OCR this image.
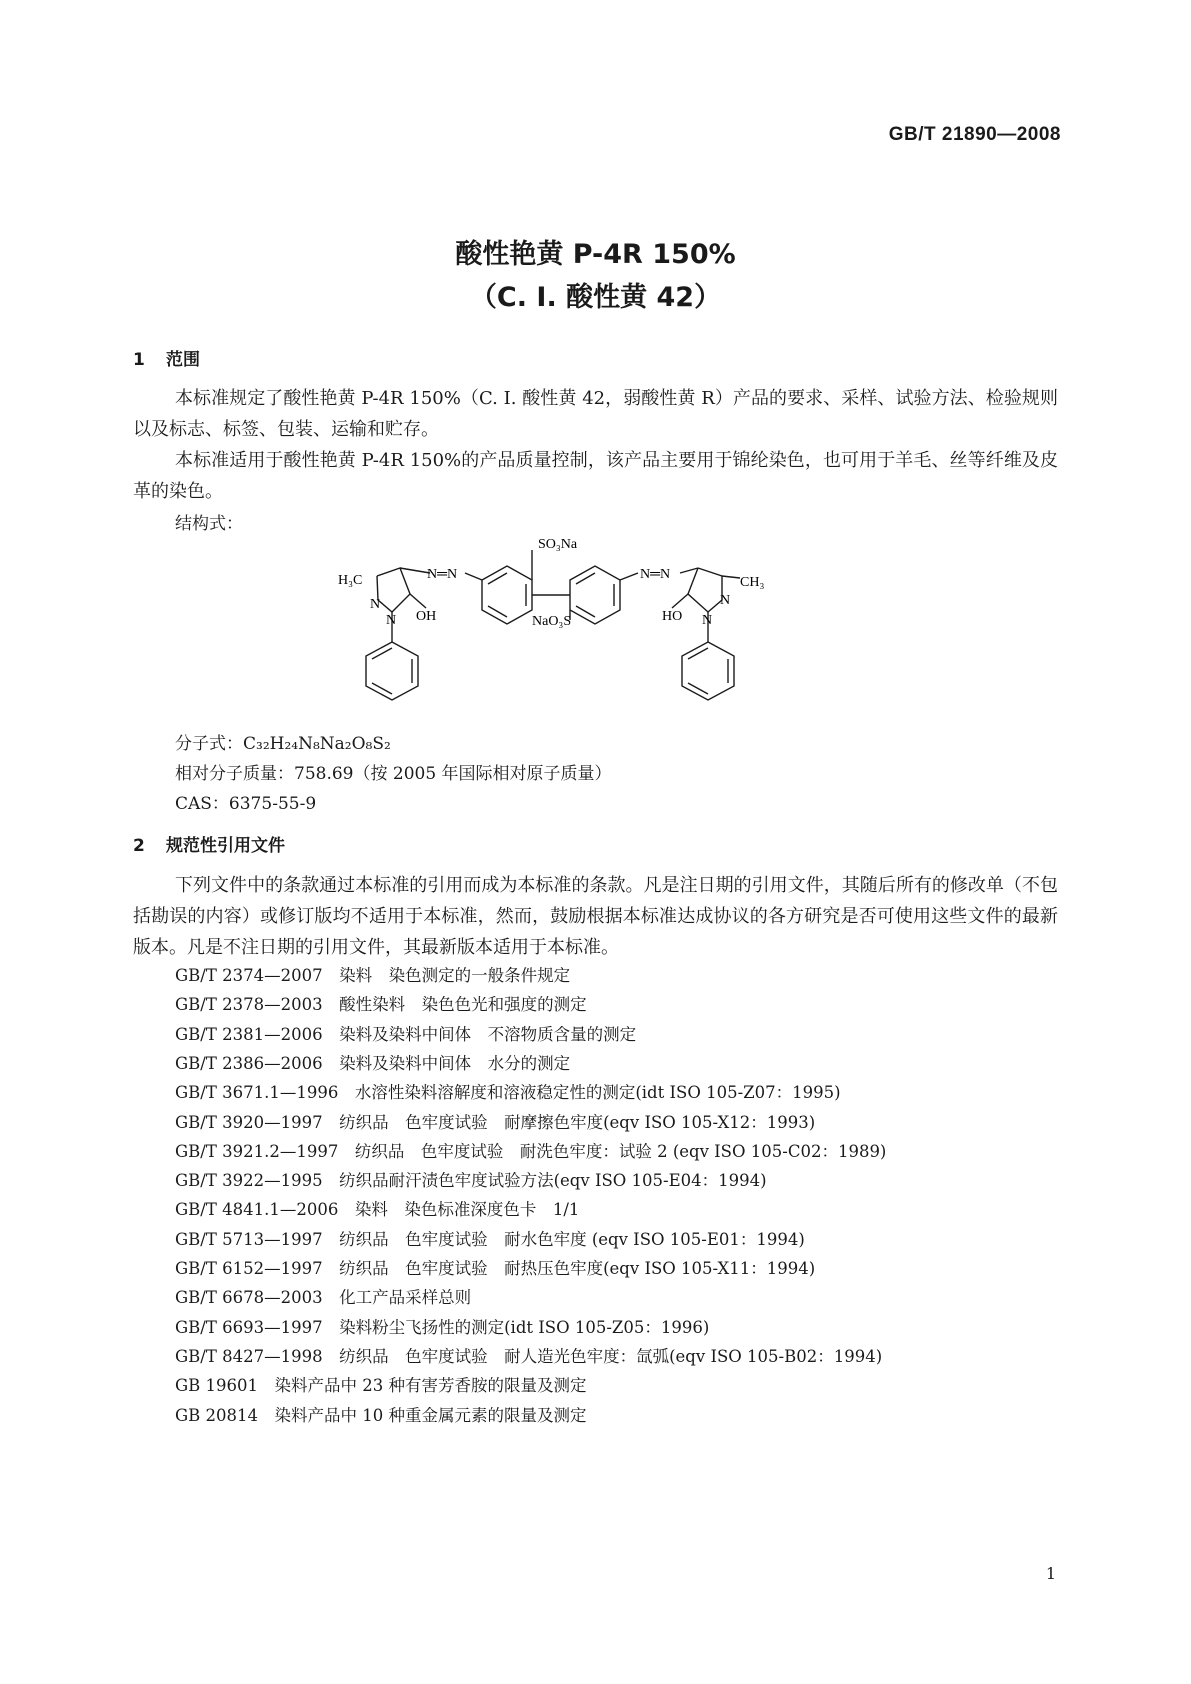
GB/T 21890—2008
酸性艳黄 P-4R 150%
（C. I. 酸性黄 42）
1 范围
本标准规定了酸性艳黄 P-4R 150%（C. I. 酸性黄 42，弱酸性黄 R）产品的要求、采样、试验方法、检验规则以及标志、标签、包装、运输和贮存。
本标准适用于酸性艳黄 P-4R 150%的产品质量控制，该产品主要用于锦纶染色，也可用于羊毛、丝等纤维及皮革的染色。
结构式：
H₃C
N
N OH
N═N
SO₃Na
NaO₃S
N═N
CH₃
N
N
HO
分子式：C₃₂H₂₄N₈Na₂O₈S₂
相对分子质量：758.69（按 2005 年国际相对原子质量）
CAS：6375-55-9
2 规范性引用文件
下列文件中的条款通过本标准的引用而成为本标准的条款。凡是注日期的引用文件，其随后所有的修改单（不包括勘误的内容）或修订版均不适用于本标准，然而，鼓励根据本标准达成协议的各方研究是否可使用这些文件的最新版本。凡是不注日期的引用文件，其最新版本适用于本标准。
GB/T 2374—2007　 染料　染色测定的一般条件规定
GB/T 2378—2003　 酸性染料　染色色光和强度的测定
GB/T 2381—2006　 染料及染料中间体　不溶物质含量的测定
GB/T 2386—2006　 染料及染料中间体　水分的测定
GB/T 3671.1—1996　 水溶性染料溶解度和溶液稳定性的测定(idt ISO 105-Z07：1995)
GB/T 3920—1997　 纺织品　色牢度试验　耐摩擦色牢度(eqv ISO 105-X12：1993)
GB/T 3921.2—1997　 纺织品　色牢度试验　耐洗色牢度：试验 2 (eqv ISO 105-C02：1989)
GB/T 3922—1995　 纺织品耐汗渍色牢度试验方法(eqv ISO 105-E04：1994)
GB/T 4841.1—2006　 染料　染色标准深度色卡　1/1
GB/T 5713—1997　 纺织品　色牢度试验　耐水色牢度 (eqv ISO 105-E01：1994)
GB/T 6152—1997　 纺织品　色牢度试验　耐热压色牢度(eqv ISO 105-X11：1994)
GB/T 6678—2003　 化工产品采样总则
GB/T 6693—1997　 染料粉尘飞扬性的测定(idt ISO 105-Z05：1996)
GB/T 8427—1998　 纺织品　色牢度试验　耐人造光色牢度：氙弧(eqv ISO 105-B02：1994)
GB 19601　 染料产品中 23 种有害芳香胺的限量及测定
GB 20814　 染料产品中 10 种重金属元素的限量及测定
1
